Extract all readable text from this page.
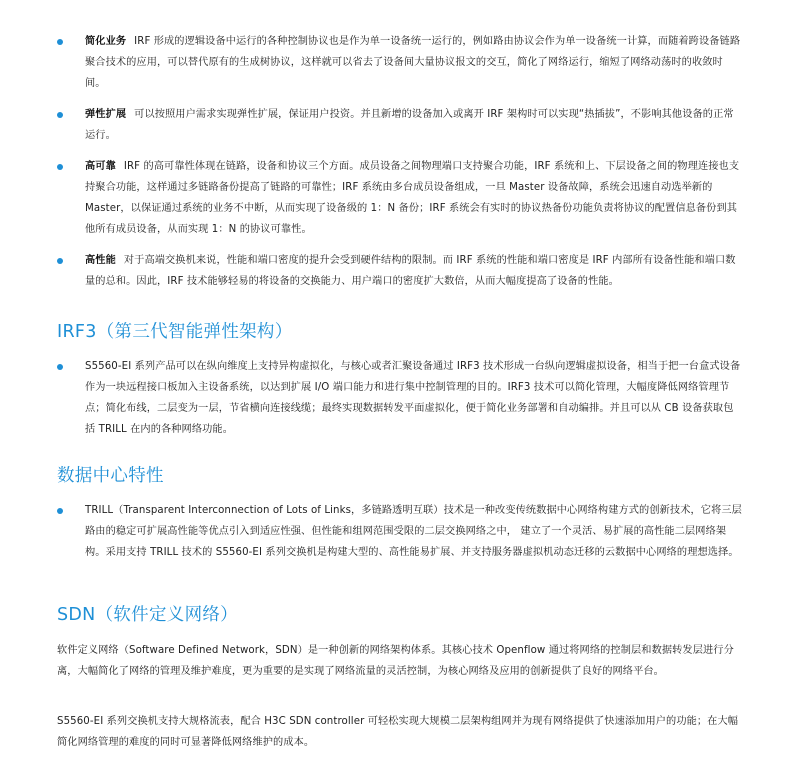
简化业务 IRF 形成的逻辑设备中运行的各种控制协议也是作为单一设备统一运行的，例如路由协议会作为单一设备统一计算，而随着跨设备链路聚合技术的应用，可以替代原有的生成树协议，这样就可以省去了设备间大量协议报文的交互，简化了网络运行，缩短了网络动荡时的收敛时间。
弹性扩展 可以按照用户需求实现弹性扩展，保证用户投资。并且新增的设备加入或离开 IRF 架构时可以实现“热插拔”，不影响其他设备的正常运行。
高可靠 IRF 的高可靠性体现在链路，设备和协议三个方面。成员设备之间物理端口支持聚合功能，IRF 系统和上、下层设备之间的物理连接也支持聚合功能，这样通过多链路备份提高了链路的可靠性；IRF 系统由多台成员设备组成，一旦 Master 设备故障，系统会迅速自动选举新的 Master，以保证通过系统的业务不中断，从而实现了设备级的 1：N 备份；IRF 系统会有实时的协议热备份功能负责将协议的配置信息备份到其他所有成员设备，从而实现 1：N 的协议可靠性。
高性能 对于高端交换机来说，性能和端口密度的提升会受到硬件结构的限制。而 IRF 系统的性能和端口密度是 IRF 内部所有设备性能和端口数量的总和。因此，IRF 技术能够轻易的将设备的交换能力、用户端口的密度扩大数倍，从而大幅度提高了设备的性能。
IRF3（第三代智能弹性架构）
S5560-EI 系列产品可以在纵向维度上支持异构虚拟化，与核心或者汇聚设备通过 IRF3 技术形成一台纵向逻辑虚拟设备，相当于把一台盒式设备作为一块远程接口板加入主设备系统，以达到扩展 I/O 端口能力和进行集中控制管理的目的。IRF3 技术可以简化管理，大幅度降低网络管理节点；简化布线，二层变为一层，节省横向连接线缆；最终实现数据转发平面虚拟化，便于简化业务部署和自动编排。并且可以从 CB 设备获取包括 TRILL 在内的各种网络功能。
数据中心特性
TRILL（Transparent Interconnection of Lots of Links，多链路透明互联）技术是一种改变传统数据中心网络构建方式的创新技术，它将三层路由的稳定可扩展高性能等优点引入到适应性强、但性能和组网范围受限的二层交换网络之中， 建立了一个灵活、易扩展的高性能二层网络架构。采用支持 TRILL 技术的 S5560-EI 系列交换机是构建大型的、高性能易扩展、并支持服务器虚拟机动态迁移的云数据中心网络的理想选择。
SDN（软件定义网络）
软件定义网络（Software Defined Network，SDN）是一种创新的网络架构体系。其核心技术 Openflow 通过将网络的控制层和数据转发层进行分离，大幅简化了网络的管理及维护难度，更为重要的是实现了网络流量的灵活控制，为核心网络及应用的创新提供了良好的网络平台。
S5560-EI 系列交换机支持大规格流表，配合 H3C SDN controller 可轻松实现大规模二层架构组网并为现有网络提供了快速添加用户的功能；在大幅简化网络管理的难度的同时可显著降低网络维护的成本。
